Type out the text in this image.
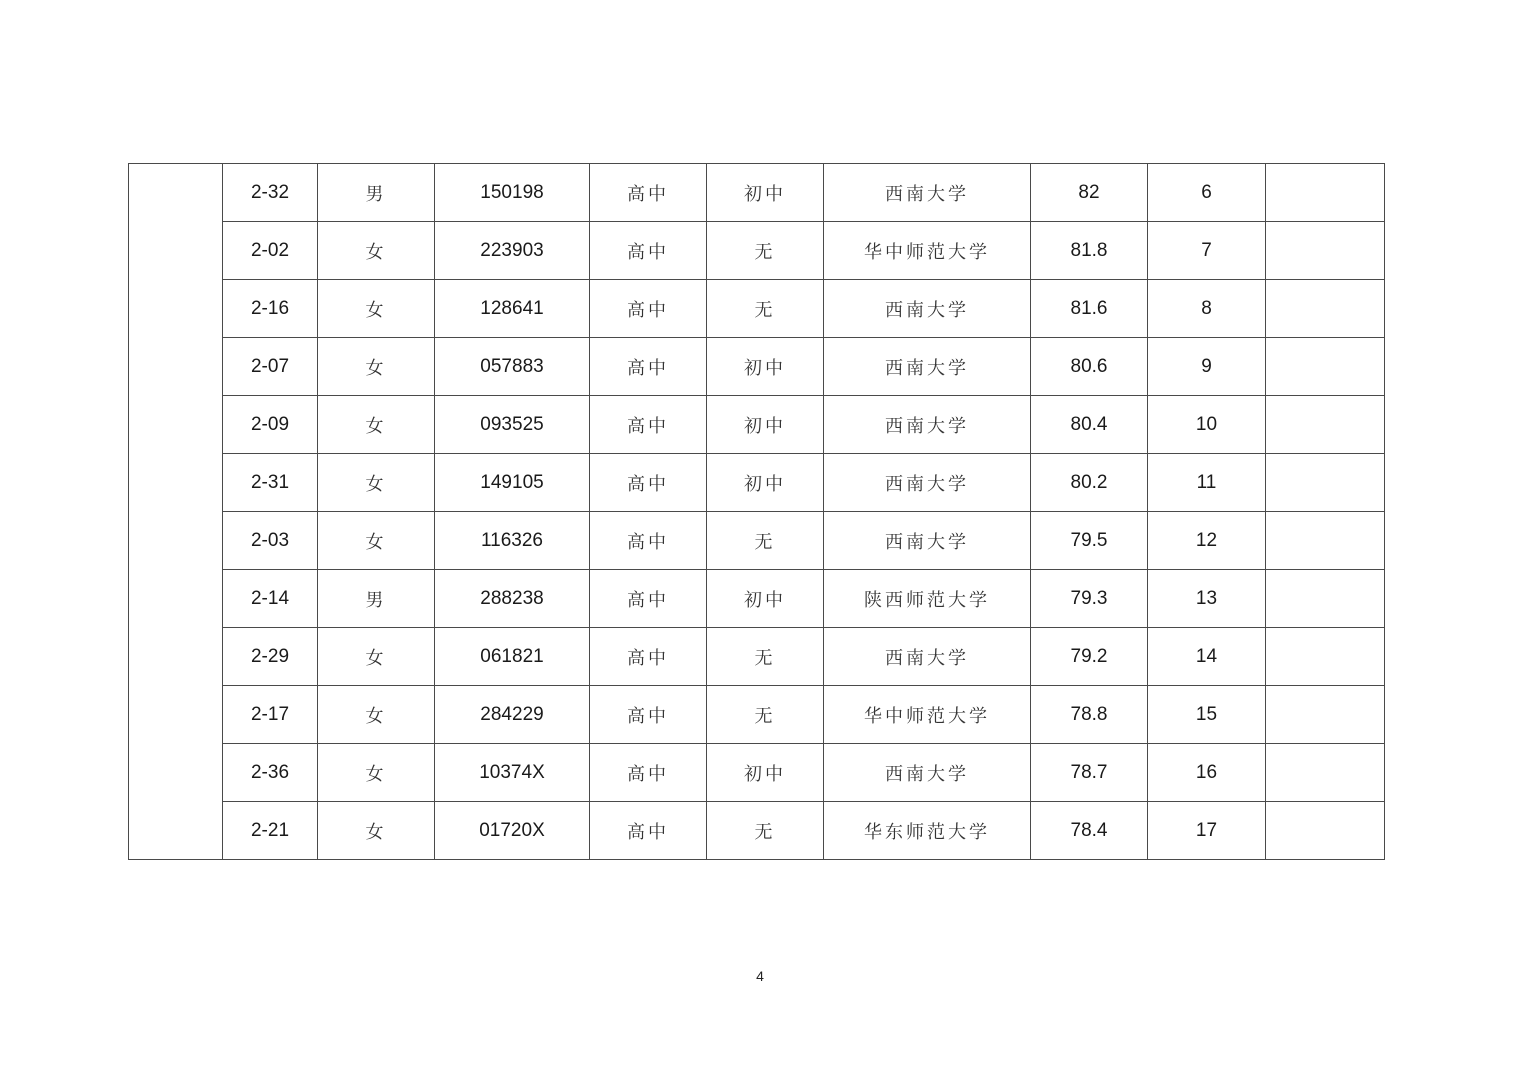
	2-32	男	150198	高中	初中	西南大学	82	6	
	2-02	女	223903	高中	无	华中师范大学	81.8	7	
	2-16	女	128641	高中	无	西南大学	81.6	8	
	2-07	女	057883	高中	初中	西南大学	80.6	9	
	2-09	女	093525	高中	初中	西南大学	80.4	10	
	2-31	女	149105	高中	初中	西南大学	80.2	11	
	2-03	女	116326	高中	无	西南大学	79.5	12	
	2-14	男	288238	高中	初中	陕西师范大学	79.3	13	
	2-29	女	061821	高中	无	西南大学	79.2	14	
	2-17	女	284229	高中	无	华中师范大学	78.8	15	
	2-36	女	10374X	高中	初中	西南大学	78.7	16	
	2-21	女	01720X	高中	无	华东师范大学	78.4	17	
4
